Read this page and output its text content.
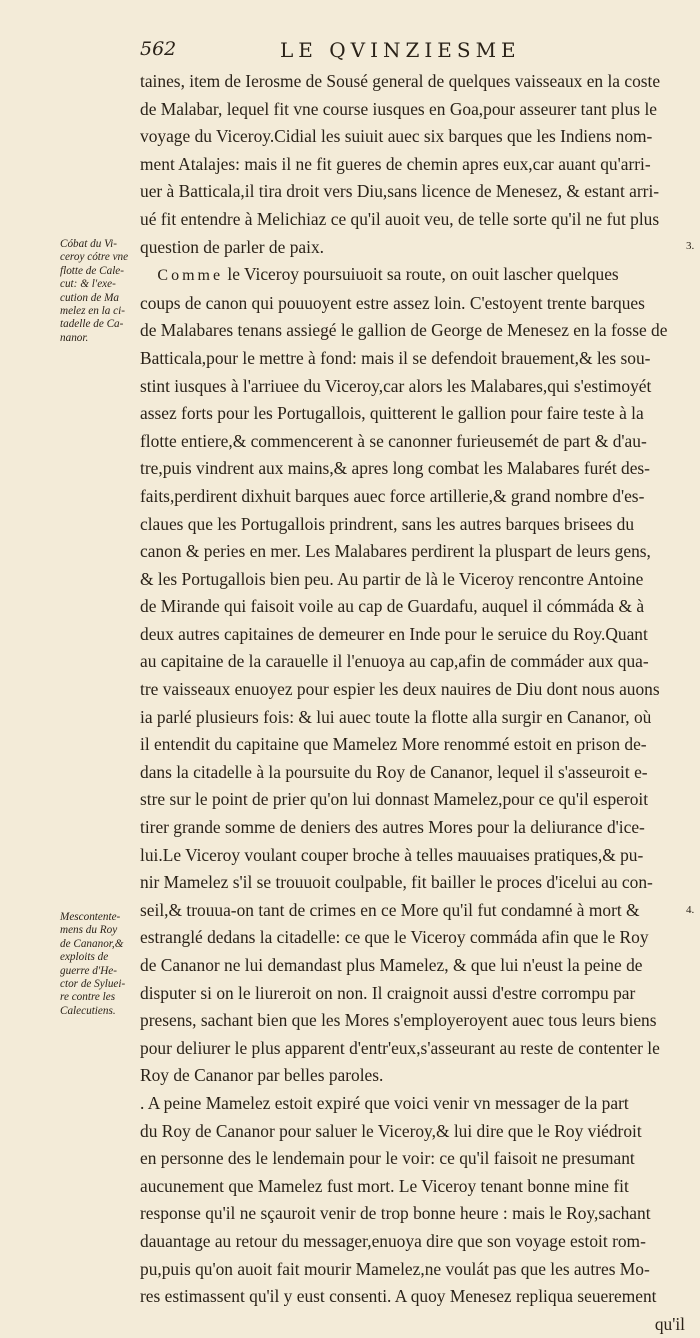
562	LE QVINZIESME
taines, item de Ierosme de Sousé general de quelques vaisseaux en la coste
de Malabar, lequel fit vne course iusques en Goa,pour asseurer tant plus le
voyage du Viceroy.Cidial les suiuit auec six barques que les Indiens nom-
ment Atalajes: mais il ne fit gueres de chemin apres eux,car auant qu'arri-
uer à Batticala,il tira droit vers Diu,sans licence de Menesez, & estant arri-
ué fit entendre à Melichiaz ce qu'il auoit veu, de telle sorte qu'il ne fut plus
question de parler de paix.
Comme le Viceroy poursuiuoit sa route, on ouit lascher quelques
coups de canon qui pouuoyent estre assez loin. C'estoyent trente barques
de Malabares tenans assiegé le gallion de George de Menesez en la fosse de
Batticala,pour le mettre à fond: mais il se defendoit brauement,& les sou-
stint iusques à l'arriuee du Viceroy,car alors les Malabares,qui s'estimoyét
assez forts pour les Portugallois, quitterent le gallion pour faire teste à la
flotte entiere,& commencerent à se canonner furieusemét de part & d'au-
tre,puis vindrent aux mains,& apres long combat les Malabares furét des-
faits,perdirent dixhuit barques auec force artillerie,& grand nombre d'es-
claues que les Portugallois prindrent, sans les autres barques brisees du
canon & peries en mer. Les Malabares perdirent la pluspart de leurs gens,
& les Portugallois bien peu. Au partir de là le Viceroy rencontre Antoine
de Mirande qui faisoit voile au cap de Guardafu, auquel il cómmáda & à
deux autres capitaines de demeurer en Inde pour le seruice du Roy.Quant
au capitaine de la carauelle il l'enuoya au cap,afin de commáder aux qua-
tre vaisseaux enuoyez pour espier les deux nauires de Diu dont nous auons
ia parlé plusieurs fois: & lui auec toute la flotte alla surgir en Cananor, où
il entendit du capitaine que Mamelez More renommé estoit en prison de-
dans la citadelle à la poursuite du Roy de Cananor, lequel il s'asseuroit e-
stre sur le point de prier qu'on lui donnast Mamelez,pour ce qu'il esperoit
tirer grande somme de deniers des autres Mores pour la deliurance d'ice-
lui.Le Viceroy voulant couper broche à telles mauuaises pratiques,& pu-
nir Mamelez s'il se trouuoit coulpable, fit bailler le proces d'icelui au con-
seil,& trouua-on tant de crimes en ce More qu'il fut condamné à mort &
estranglé dedans la citadelle: ce que le Viceroy commáda afin que le Roy
de Cananor ne lui demandast plus Mamelez, & que lui n'eust la peine de
disputer si on le liureroit on non. Il craignoit aussi d'estre corrompu par
presens, sachant bien que les Mores s'employeroyent auec tous leurs biens
pour deliurer le plus apparent d'entr'eux,s'asseurant au reste de contenter le
Roy de Cananor par belles paroles.
. A peine Mamelez estoit expiré que voici venir vn messager de la part
du Roy de Cananor pour saluer le Viceroy,& lui dire que le Roy viédroit
en personne des le lendemain pour le voir: ce qu'il faisoit ne presumant
aucunement que Mamelez fust mort. Le Viceroy tenant bonne mine fit
response qu'il ne sçauroit venir de trop bonne heure : mais le Roy,sachant
dauantage au retour du messager,enuoya dire que son voyage estoit rom-
pu,puis qu'on auoit fait mourir Mamelez,ne voulát pas que les autres Mo-
res estimassent qu'il y eust consenti. A quoy Menesez repliqua seuerement
qu'il
Cóbat du Vi-
ceroy cótre vne
flotte de Cale-
cut: & l'exe-
cution de Ma
melez en la ci-
tadelle de Ca-
nanor.
Mescontente-
mens du Roy
de Cananor,&
exploits de
guerre d'He-
ctor de Syluei-
re contre les
Calecutiens.
3.
4.
